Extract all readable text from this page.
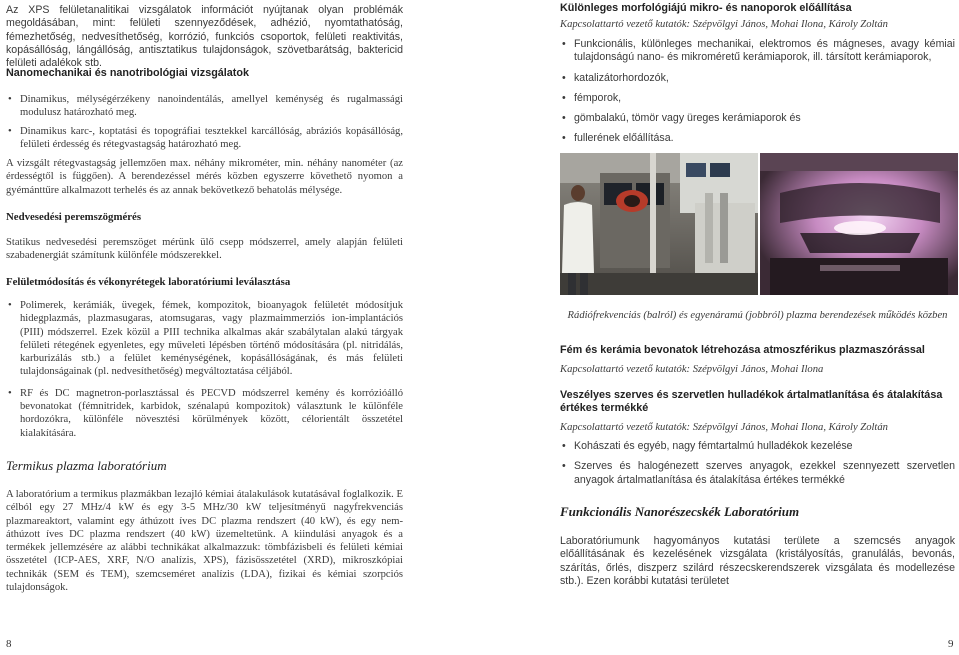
Az XPS felületanalitikai vizsgálatok információt nyújtanak olyan problémák megoldásában, mint: felületi szennyeződések, adhézió, nyomtathatóság, fémezhetőség, nedvesíthetőség, korrózió, funkciós csoportok, felületi reaktivitás, kopásállóság, lángállóság, antisztatikus tulajdonságok, szövetbarátság, baktericid felületi adalékok stb.

Nanomechanikai és nanotribológiai vizsgálatok
• Dinamikus, mélységérzékeny nanoindentálás, amellyel keménység és rugalmassági modulusz határozható meg.
• Dinamikus karc-, koptatási és topográfiai tesztekkel karcállóság, abráziós kopásállóság, felületi érdesség és rétegvastagság határozható meg.

A vizsgált rétegvastagság jellemzően max. néhány mikrométer, min. néhány nanométer (az érdességtől is függően). A berendezéssel mérés közben egyszerre követhető nyomon a gyémánttűre alkalmazott terhelés és az annak bekövetkező behatolás mélysége.

Nedvesedési peremszögmérés

Statikus nedvesedési peremszöget mérünk ülő csepp módszerrel, amely alapján felületi szabadenergiát számítunk különféle módszerekkel.

Felületmódosítás és vékonyrétegek laboratóriumi leválasztása
• Polimerek, kerámiák, üvegek, fémek, kompozitok, bioanyagok felületét módosítjuk hidegplazmás, plazmasugaras, atomsugaras, vagy plazmaimmerziós ion-implantációs (PIII) módszerrel. Ezek közül a PIII technika alkalmas akár szabálytalan alakú tárgyak felületi rétegének egyenletes, egy műveleti lépésben történő módosítására (pl. nitridálás, karburizálás stb.) a felület keménységének, kopásállóságának, és más felületi tulajdonságainak (pl. nedvesíthetőség) megváltoztatása céljából.
• RF és DC magnetron-porlasztással és PECVD módszerrel kemény és korrózióálló bevonatokat (fémnitridek, karbidok, szénalapú kompozitok) választunk le különféle hordozókra, különféle növesztési körülmények között, célorientált összetétel kialakítására.
Termikus plazma laboratórium

A laboratórium a termikus plazmákban lezajló kémiai átalakulások kutatásával foglalkozik. E célból egy 27 MHz/4 kW és egy 3-5 MHz/30 kW teljesítményű nagyfrekvenciás plazmareaktort, valamint egy áthúzott íves DC plazma rendszert (40 kW), és egy nem-áthúzott íves DC plazma rendszert (40 kW) üzemeltetünk. A kiindulási anyagok és a termékek jellemzésére az alábbi technikákat alkalmazzuk: tömbfázisbeli és felületi kémiai összetétel (ICP-AES, XRF, N/O analízis, XPS), fázisösszetétel (XRD), mikroszkópiai technikák (SEM és TEM), szemcseméret analízis (LDA), fizikai és kémiai szorpciós tulajdonságok.

8
Különleges morfológiájú mikro- és nanoporok előállítása
Kapcsolattartó vezető kutatók: Szépvölgyi János, Mohai Ilona, Károly Zoltán
• Funkcionális, különleges mechanikai, elektromos és mágneses, avagy kémiai tulajdonságú nano- és mikroméretű kerámiaporok, ill. társított kerámiaporok,
• katalizátorhordozók,
• fémporok,
• gömbalakú, tömör vagy üreges kerámiaporok és
• fullerének előállítása.
Rádiófrekvenciás (balról) és egyenáramú (jobbról) plazma berendezések működés közben
Fém és kerámia bevonatok létrehozása atmoszférikus plazmaszórással
Kapcsolattartó vezető kutatók: Szépvölgyi János, Mohai Ilona
Veszélyes szerves és szervetlen hulladékok ártalmatlanítása és átalakítása értékes termékké
Kapcsolattartó vezető kutatók: Szépvölgyi János, Mohai Ilona, Károly Zoltán
• Kohászati és egyéb, nagy fémtartalmú hulladékok kezelése
• Szerves és halogénezett szerves anyagok, ezekkel szennyezett szervetlen anyagok ártalmatlanítása és átalakítása értékes termékké
Funkcionális Nanorészecskék Laboratórium

Laboratóriumunk hagyományos kutatási területe a szemcsés anyagok előállításának és kezelésének vizsgálata (kristályosítás, granulálás, bevonás, szárítás, őrlés, diszperz szilárd részecskerendszerek vizsgálata és modellezése stb.). Ezen korábbi kutatási területet

9
